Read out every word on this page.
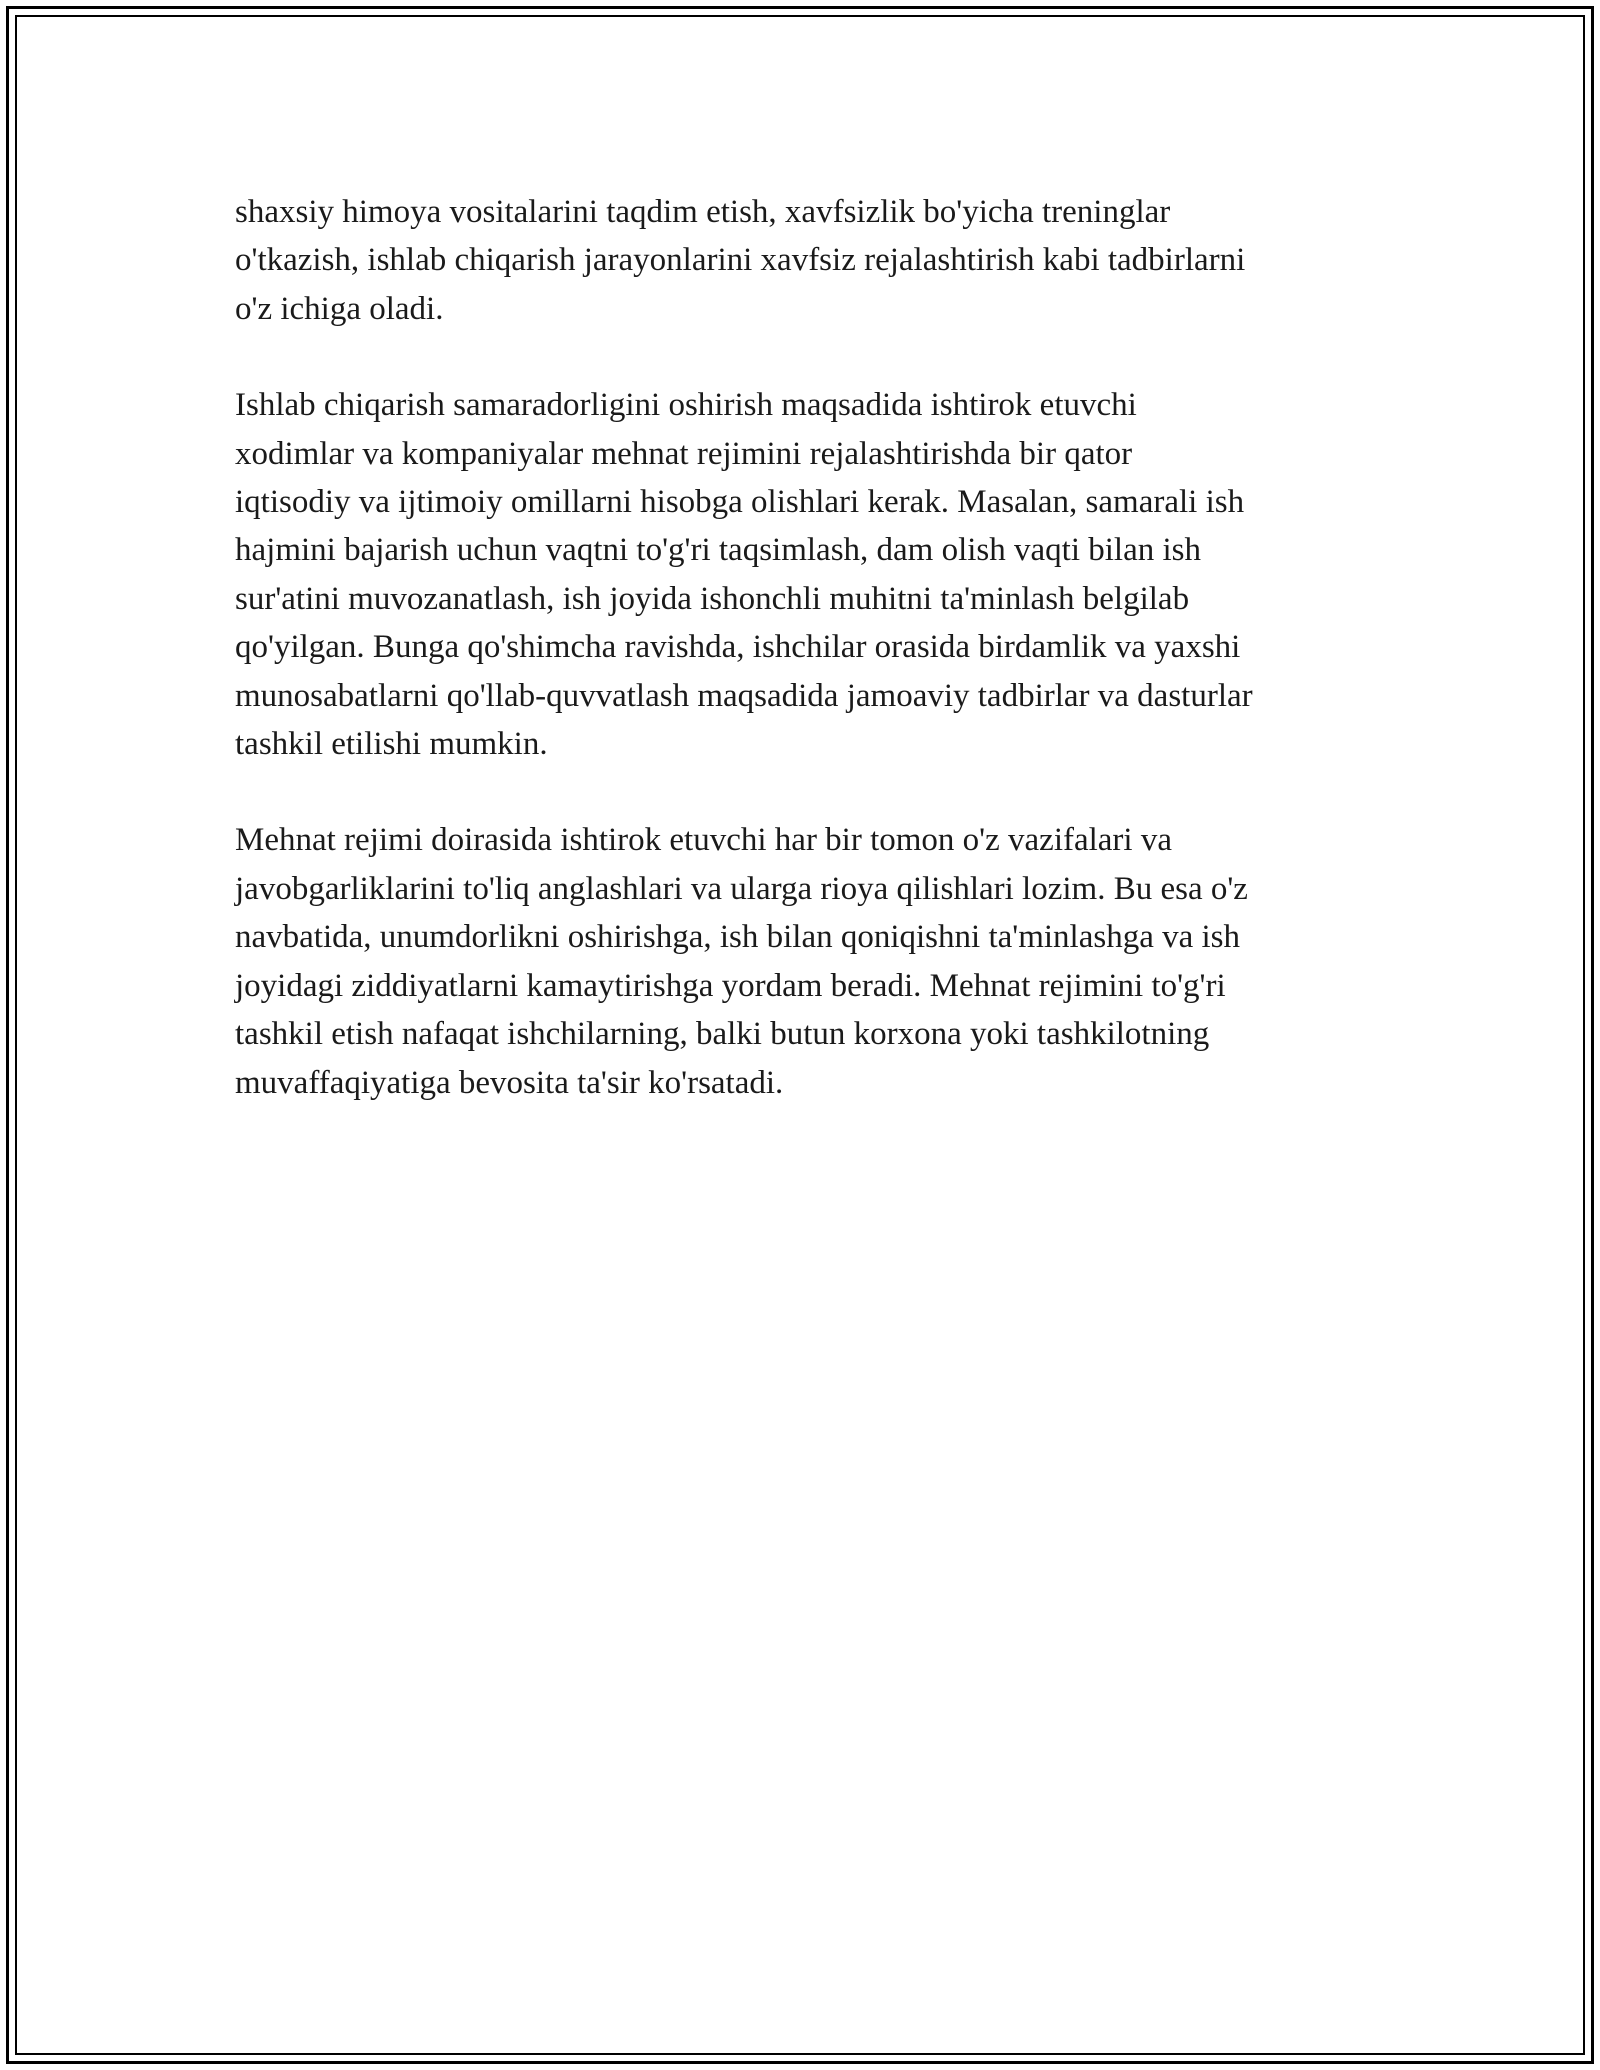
shaxsiy himoya vositalarini taqdim etish, xavfsizlik bo'yicha treninglar
o'tkazish, ishlab chiqarish jarayonlarini xavfsiz rejalashtirish kabi tadbirlarni
o'z ichiga oladi.

Ishlab chiqarish samaradorligini oshirish maqsadida ishtirok etuvchi
xodimlar va kompaniyalar mehnat rejimini rejalashtirishda bir qator
iqtisodiy va ijtimoiy omillarni hisobga olishlari kerak. Masalan, samarali ish
hajmini bajarish uchun vaqtni to'g'ri taqsimlash, dam olish vaqti bilan ish
sur'atini muvozanatlash, ish joyida ishonchli muhitni ta'minlash belgilab
qo'yilgan. Bunga qo'shimcha ravishda, ishchilar orasida birdamlik va yaxshi
munosabatlarni qo'llab-quvvatlash maqsadida jamoaviy tadbirlar va dasturlar
tashkil etilishi mumkin.

Mehnat rejimi doirasida ishtirok etuvchi har bir tomon o'z vazifalari va
javobgarliklarini to'liq anglashlari va ularga rioya qilishlari lozim. Bu esa o'z
navbatida, unumdorlikni oshirishga, ish bilan qoniqishni ta'minlashga va ish
joyidagi ziddiyatlarni kamaytirishga yordam beradi. Mehnat rejimini to'g'ri
tashkil etish nafaqat ishchilarning, balki butun korxona yoki tashkilotning
muvaffaqiyatiga bevosita ta'sir ko'rsatadi.
